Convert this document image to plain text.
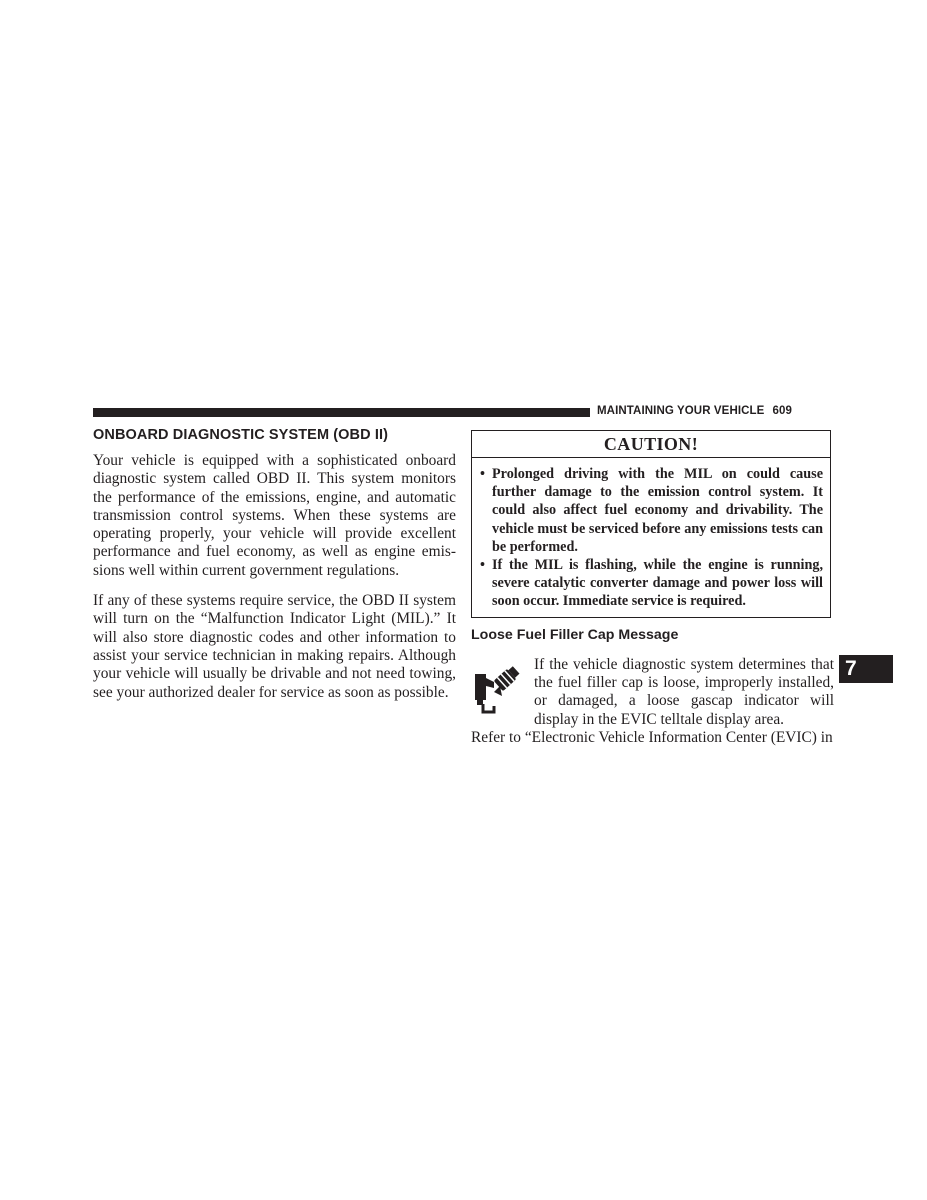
MAINTAINING YOUR VEHICLE 609
ONBOARD DIAGNOSTIC SYSTEM (OBD II)

Your vehicle is equipped with a sophisticated onboard diagnostic system called OBD II. This system monitors the performance of the emissions, engine, and automatic transmission control systems. When these systems are operating properly, your vehicle will provide excellent performance and fuel economy, as well as engine emissions well within current government regulations.

If any of these systems require service, the OBD II system will turn on the “Malfunction Indicator Light (MIL).” It will also store diagnostic codes and other information to assist your service technician in making repairs. Although your vehicle will usually be drivable and not need towing, see your authorized dealer for service as soon as possible.

CAUTION!
• Prolonged driving with the MIL on could cause further damage to the emission control system. It could also affect fuel economy and drivability. The vehicle must be serviced before any emissions tests can be performed.
• If the MIL is flashing, while the engine is running, severe catalytic converter damage and power loss will soon occur. Immediate service is required.
Loose Fuel Filler Cap Message

If the vehicle diagnostic system determines that the fuel filler cap is loose, improperly installed, or damaged, a loose gascap indicator will display in the EVIC telltale display area.

Refer to “Electronic Vehicle Information Center (EVIC) in

7
